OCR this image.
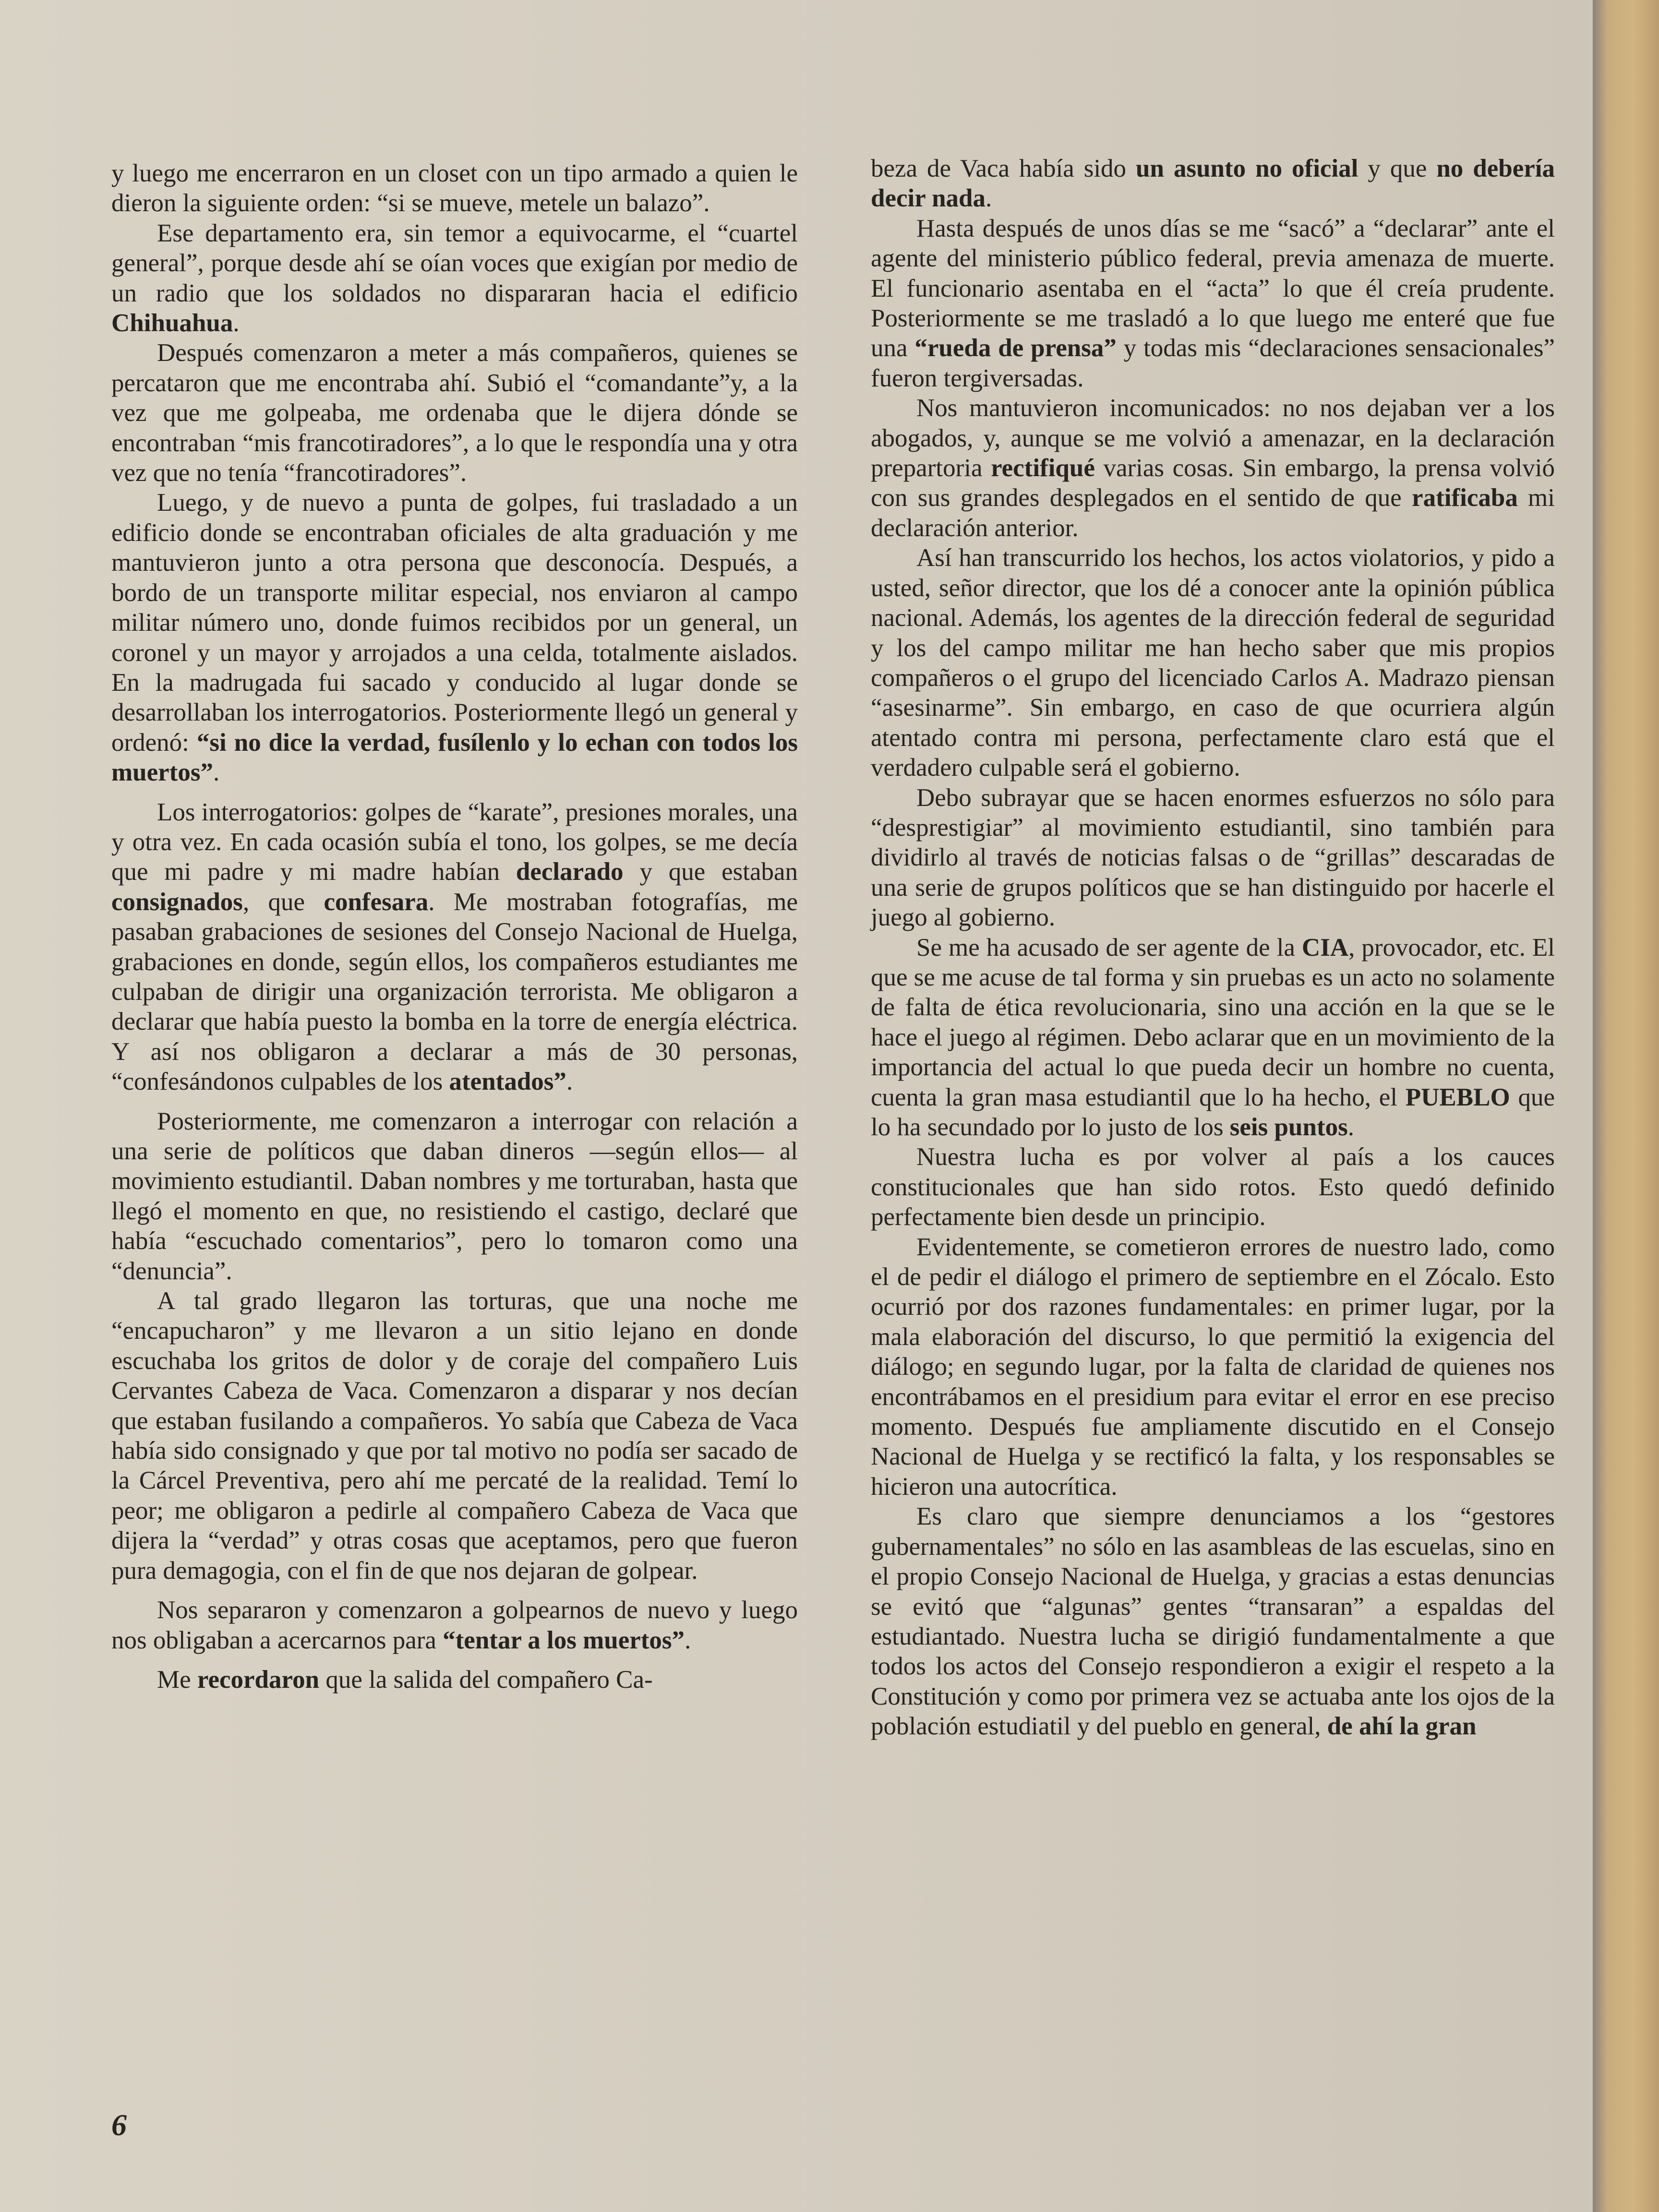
y luego me encerraron en un closet con un tipo armado a quien le dieron la siguiente orden: “si se mueve, metele un balazo”.

Ese departamento era, sin temor a equivocarme, el “cuartel general”, porque desde ahí se oían voces que exigían por medio de un radio que los soldados no dispararan hacia el edificio Chihuahua.

Después comenzaron a meter a más compañeros, quienes se percataron que me encontraba ahí. Subió el “comandante”y, a la vez que me golpeaba, me ordenaba que le dijera dónde se encontraban “mis francotiradores”, a lo que le respondía una y otra vez que no tenía “francotiradores”.

Luego, y de nuevo a punta de golpes, fui trasladado a un edificio donde se encontraban oficiales de alta graduación y me mantuvieron junto a otra persona que desconocía. Después, a bordo de un transporte militar especial, nos enviaron al campo militar número uno, donde fuimos recibidos por un general, un coronel y un mayor y arrojados a una celda, totalmente aislados. En la madrugada fui sacado y conducido al lugar donde se desarrollaban los interrogatorios. Posteriormente llegó un general y ordenó: “si no dice la verdad, fusílenlo y lo echan con todos los muertos”.

Los interrogatorios: golpes de “karate”, presiones morales, una y otra vez. En cada ocasión subía el tono, los golpes, se me decía que mi padre y mi madre habían declarado y que estaban consignados, que confesara. Me mostraban fotografías, me pasaban grabaciones de sesiones del Consejo Nacional de Huelga, grabaciones en donde, según ellos, los compañeros estudiantes me culpaban de dirigir una organización terrorista. Me obligaron a declarar que había puesto la bomba en la torre de energía eléctrica. Y así nos obligaron a declarar a más de 30 personas, “confesándonos culpables de los atentados”.

Posteriormente, me comenzaron a interrogar con relación a una serie de políticos que daban dineros —según ellos— al movimiento estudiantil. Daban nombres y me torturaban, hasta que llegó el momento en que, no resistiendo el castigo, declaré que había “escuchado comentarios”, pero lo tomaron como una “denuncia”.

A tal grado llegaron las torturas, que una noche me “encapucharon” y me llevaron a un sitio lejano en donde escuchaba los gritos de dolor y de coraje del compañero Luis Cervantes Cabeza de Vaca. Comenzaron a disparar y nos decían que estaban fusilando a compañeros. Yo sabía que Cabeza de Vaca había sido consignado y que por tal motivo no podía ser sacado de la Cárcel Preventiva, pero ahí me percaté de la realidad. Temí lo peor; me obligaron a pedirle al compañero Cabeza de Vaca que dijera la “verdad” y otras cosas que aceptamos, pero que fueron pura demagogia, con el fin de que nos dejaran de golpear.

Nos separaron y comenzaron a golpearnos de nuevo y luego nos obligaban a acercarnos para “tentar a los muertos”.

Me recordaron que la salida del compañero Ca-

beza de Vaca había sido un asunto no oficial y que no debería decir nada.

Hasta después de unos días se me “sacó” a “declarar” ante el agente del ministerio público federal, previa amenaza de muerte. El funcionario asentaba en el “acta” lo que él creía prudente. Posteriormente se me trasladó a lo que luego me enteré que fue una “rueda de prensa” y todas mis “declaraciones sensacionales” fueron tergiversadas.

Nos mantuvieron incomunicados: no nos dejaban ver a los abogados, y, aunque se me volvió a amenazar, en la declaración prepartoria rectifiqué varias cosas. Sin embargo, la prensa volvió con sus grandes desplegados en el sentido de que ratificaba mi declaración anterior.

Así han transcurrido los hechos, los actos violatorios, y pido a usted, señor director, que los dé a conocer ante la opinión pública nacional. Además, los agentes de la dirección federal de seguridad y los del campo militar me han hecho saber que mis propios compañeros o el grupo del licenciado Carlos A. Madrazo piensan “asesinarme”. Sin embargo, en caso de que ocurriera algún atentado contra mi persona, perfectamente claro está que el verdadero culpable será el gobierno.

Debo subrayar que se hacen enormes esfuerzos no sólo para “desprestigiar” al movimiento estudiantil, sino también para dividirlo al través de noticias falsas o de “grillas” descaradas de una serie de grupos políticos que se han distinguido por hacerle el juego al gobierno.

Se me ha acusado de ser agente de la CIA, provocador, etc. El que se me acuse de tal forma y sin pruebas es un acto no solamente de falta de ética revolucionaria, sino una acción en la que se le hace el juego al régimen. Debo aclarar que en un movimiento de la importancia del actual lo que pueda decir un hombre no cuenta, cuenta la gran masa estudiantil que lo ha hecho, el PUEBLO que lo ha secundado por lo justo de los seis puntos.

Nuestra lucha es por volver al país a los cauces constitucionales que han sido rotos. Esto quedó definido perfectamente bien desde un principio.

Evidentemente, se cometieron errores de nuestro lado, como el de pedir el diálogo el primero de septiembre en el Zócalo. Esto ocurrió por dos razones fundamentales: en primer lugar, por la mala elaboración del discurso, lo que permitió la exigencia del diálogo; en segundo lugar, por la falta de claridad de quienes nos encontrábamos en el presidium para evitar el error en ese preciso momento. Después fue ampliamente discutido en el Consejo Nacional de Huelga y se rectificó la falta, y los responsables se hicieron una autocrítica.

Es claro que siempre denunciamos a los “gestores gubernamentales” no sólo en las asambleas de las escuelas, sino en el propio Consejo Nacional de Huelga, y gracias a estas denuncias se evitó que “algunas” gentes “transaran” a espaldas del estudiantado. Nuestra lucha se dirigió fundamentalmente a que todos los actos del Consejo respondieron a exigir el respeto a la Constitución y como por primera vez se actuaba ante los ojos de la población estudiatil y del pueblo en general, de ahí la gran

6
